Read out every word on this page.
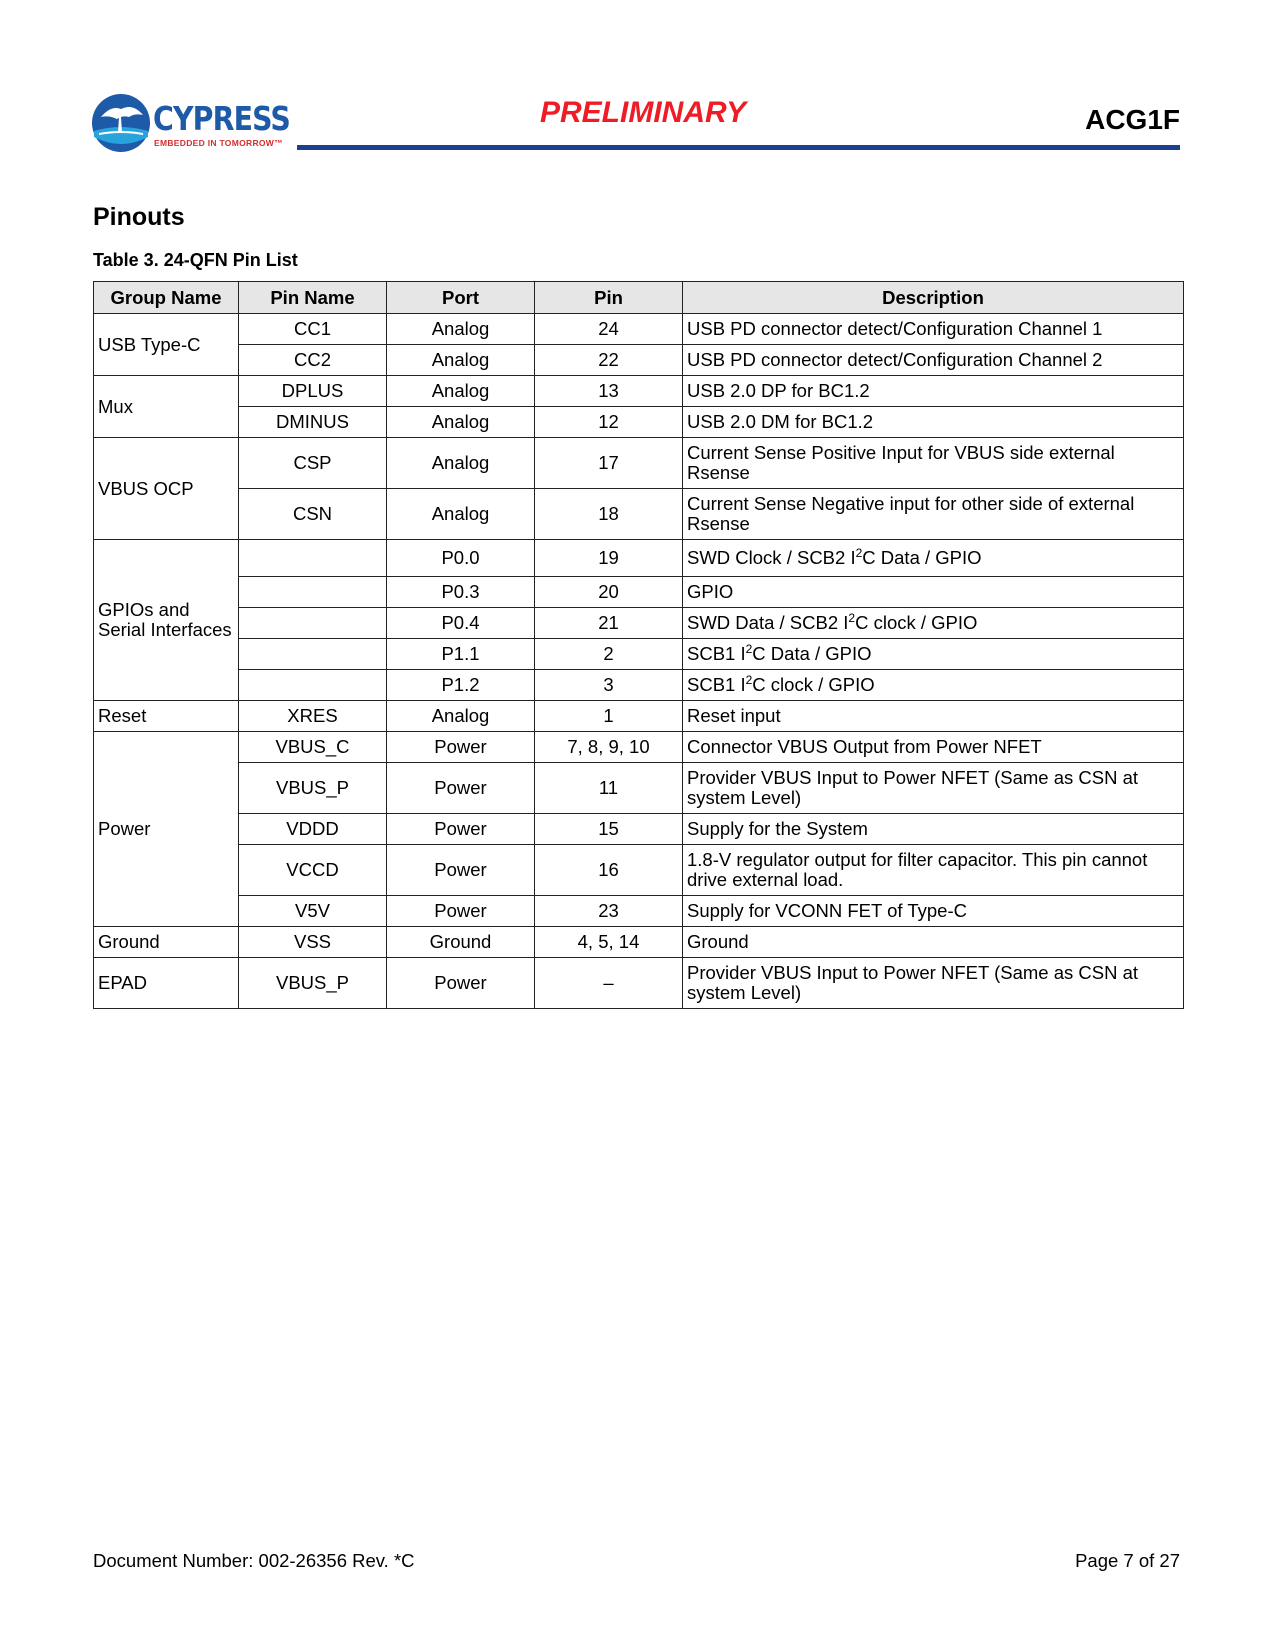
CYPRESS
EMBEDDED IN TOMORROW™
PRELIMINARY	ACG1F
Pinouts
Table 3. 24-QFN Pin List
Group Name	Pin Name	Port	Pin	Description
USB Type-C	CC1	Analog	24	USB PD connector detect/Configuration Channel 1
	CC2	Analog	22	USB PD connector detect/Configuration Channel 2
Mux	DPLUS	Analog	13	USB 2.0 DP for BC1.2
	DMINUS	Analog	12	USB 2.0 DM for BC1.2
VBUS OCP	CSP	Analog	17	Current Sense Positive Input for VBUS side external Rsense
	CSN	Analog	18	Current Sense Negative input for other side of external Rsense
GPIOs and Serial Interfaces		P0.0	19	SWD Clock / SCB2 $I^2C$ Data / GPIO
		P0.3	20	GPIO
		P0.4	21	SWD Data / SCB2 $I^2C$ clock / GPIO
		P1.1	2	SCB1 $I^2C$ Data / GPIO
		P1.2	3	SCB1 $I^2C$ clock / GPIO
Reset	XRES	Analog	1	Reset input
Power	VBUS_C	Power	7, 8, 9, 10	Connector VBUS Output from Power NFET
	VBUS_P	Power	11	Provider VBUS Input to Power NFET (Same as CSN at system Level)
	VDDD	Power	15	Supply for the System
	VCCD	Power	16	1.8-V regulator output for filter capacitor. This pin cannot drive external load.
	V5V	Power	23	Supply for VCONN FET of Type-C
Ground	VSS	Ground	4, 5, 14	Ground
EPAD	VBUS_P	Power	–	Provider VBUS Input to Power NFET (Same as CSN at system Level)
Document Number: 002-26356 Rev. *C	Page 7 of 27
